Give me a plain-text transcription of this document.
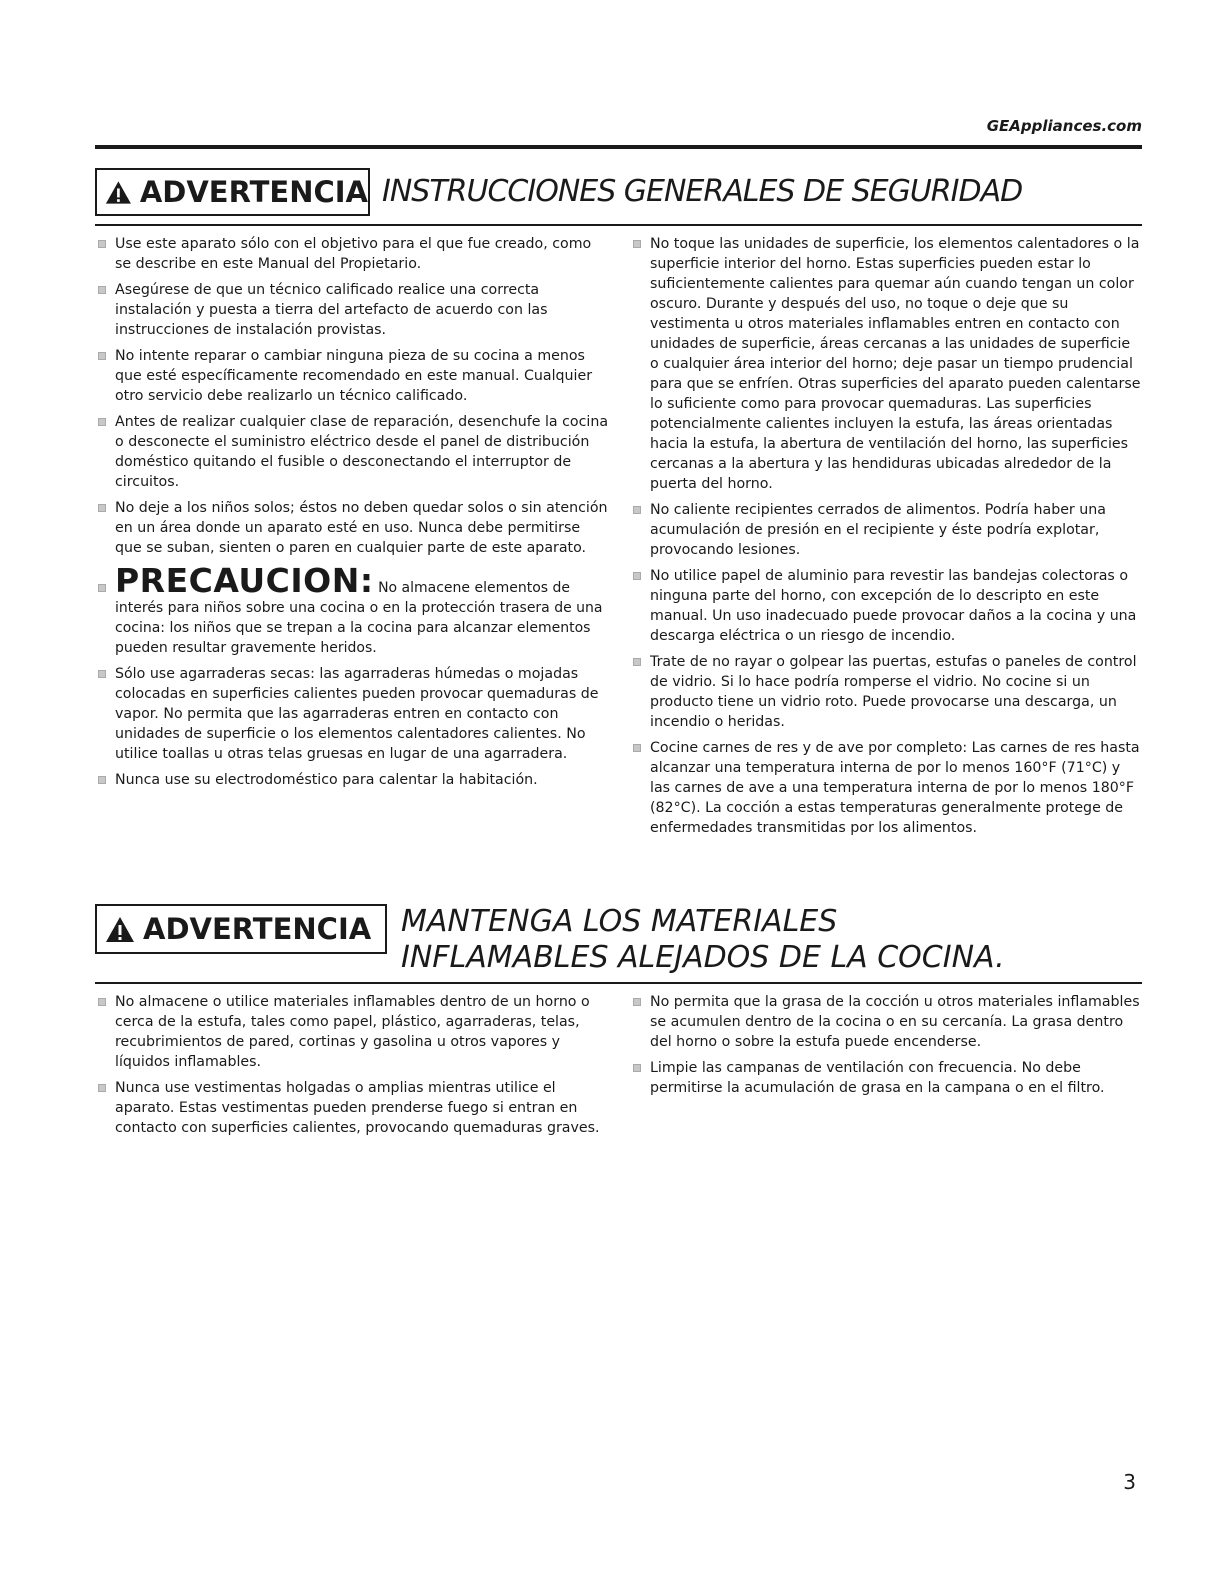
GEAppliances.com
ADVERTENCIA INSTRUCCIONES GENERALES DE SEGURIDAD
Use este aparato sólo con el objetivo para el que fue creado, como se describe en este Manual del Propietario.
Asegúrese de que un técnico calificado realice una correcta instalación y puesta a tierra del artefacto de acuerdo con las instrucciones de instalación provistas.
No intente reparar o cambiar ninguna pieza de su cocina a menos que esté específicamente recomendado en este manual. Cualquier otro servicio debe realizarlo un técnico calificado.
Antes de realizar cualquier clase de reparación, desenchufe la cocina o desconecte el suministro eléctrico desde el panel de distribución doméstico quitando el fusible o desconectando el interruptor de circuitos.
No deje a los niños solos; éstos no deben quedar solos o sin atención en un área donde un aparato esté en uso. Nunca debe permitirse que se suban, sienten o paren en cualquier parte de este aparato.
PRECAUCION: No almacene elementos de interés para niños sobre una cocina o en la protección trasera de una cocina: los niños que se trepan a la cocina para alcanzar elementos pueden resultar gravemente heridos.
Sólo use agarraderas secas: las agarraderas húmedas o mojadas colocadas en superficies calientes pueden provocar quemaduras de vapor. No permita que las agarraderas entren en contacto con unidades de superficie o los elementos calentadores calientes. No utilice toallas u otras telas gruesas en lugar de una agarradera.
Nunca use su electrodoméstico para calentar la habitación.
No toque las unidades de superficie, los elementos calentadores o la superficie interior del horno. Estas superficies pueden estar lo suficientemente calientes para quemar aún cuando tengan un color oscuro. Durante y después del uso, no toque o deje que su vestimenta u otros materiales inflamables entren en contacto con unidades de superficie, áreas cercanas a las unidades de superficie o cualquier área interior del horno; deje pasar un tiempo prudencial para que se enfríen. Otras superficies del aparato pueden calentarse lo suficiente como para provocar quemaduras. Las superficies potencialmente calientes incluyen la estufa, las áreas orientadas hacia la estufa, la abertura de ventilación del horno, las superficies cercanas a la abertura y las hendiduras ubicadas alrededor de la puerta del horno.
No caliente recipientes cerrados de alimentos. Podría haber una acumulación de presión en el recipiente y éste podría explotar, provocando lesiones.
No utilice papel de aluminio para revestir las bandejas colectoras o ninguna parte del horno, con excepción de lo descripto en este manual. Un uso inadecuado puede provocar daños a la cocina y una descarga eléctrica o un riesgo de incendio.
Trate de no rayar o golpear las puertas, estufas o paneles de control de vidrio. Si lo hace podría romperse el vidrio. No cocine si un producto tiene un vidrio roto. Puede provocarse una descarga, un incendio o heridas.
Cocine carnes de res y de ave por completo: Las carnes de res hasta alcanzar una temperatura interna de por lo menos 160°F (71°C) y las carnes de ave a una temperatura interna de por lo menos 180°F (82°C). La cocción a estas temperaturas generalmente protege de enfermedades transmitidas por los alimentos.
ADVERTENCIA MANTENGA LOS MATERIALES
INFLAMABLES ALEJADOS DE LA COCINA.
No almacene o utilice materiales inflamables dentro de un horno o cerca de la estufa, tales como papel, plástico, agarraderas, telas, recubrimientos de pared, cortinas y gasolina u otros vapores y líquidos inflamables.
Nunca use vestimentas holgadas o amplias mientras utilice el aparato. Estas vestimentas pueden prenderse fuego si entran en contacto con superficies calientes, provocando quemaduras graves.
No permita que la grasa de la cocción u otros materiales inflamables se acumulen dentro de la cocina o en su cercanía. La grasa dentro del horno o sobre la estufa puede encenderse.
Limpie las campanas de ventilación con frecuencia. No debe permitirse la acumulación de grasa en la campana o en el filtro.
3
